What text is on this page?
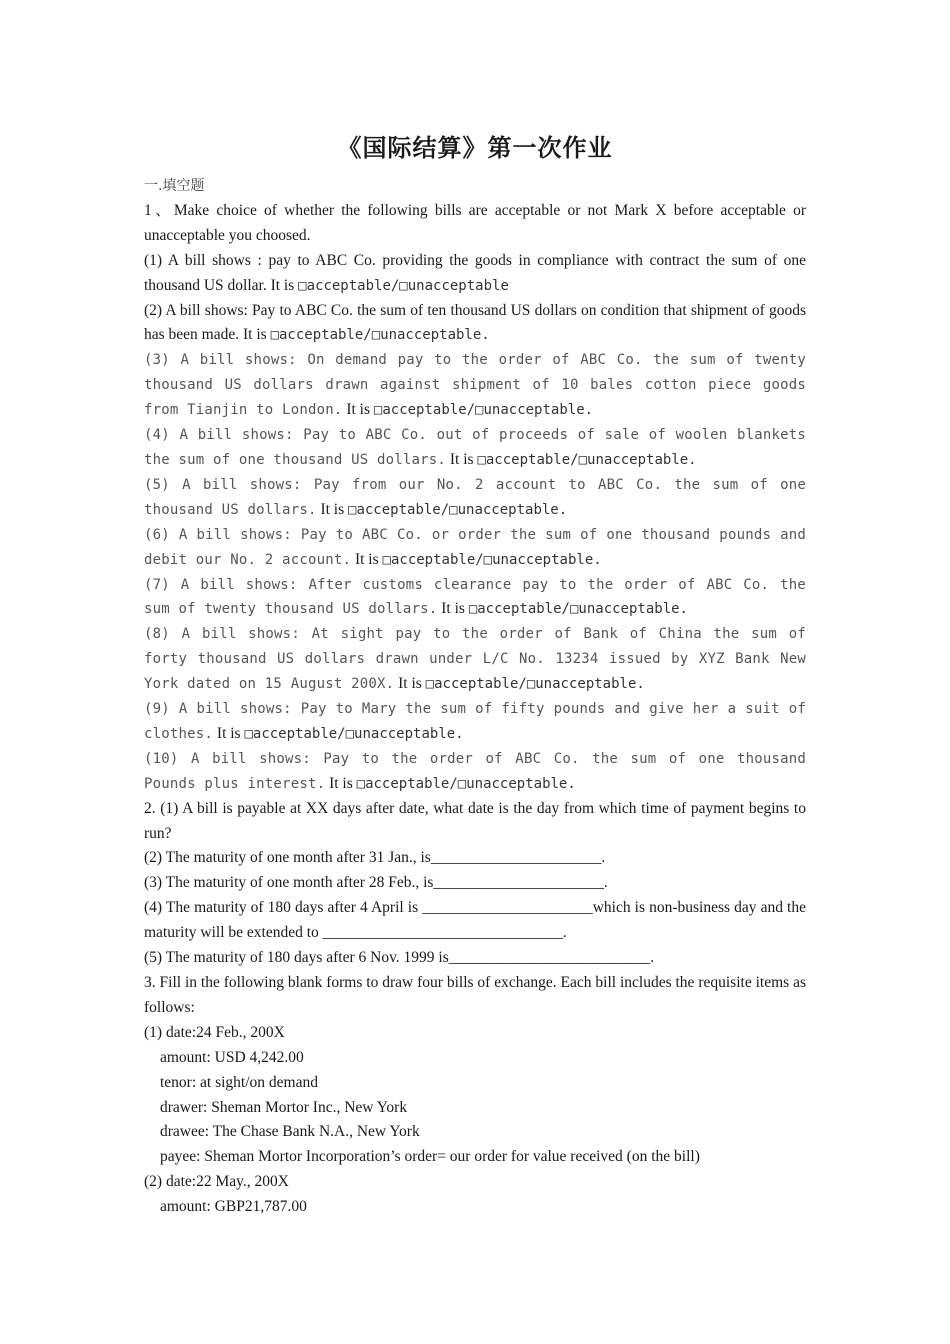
《国际结算》第一次作业
一.填空题

1、Make choice of whether the following bills are acceptable or not Mark X before acceptable or unacceptable you choosed.

(1) A bill shows : pay to ABC Co. providing the goods in compliance with contract the sum of one thousand US dollar. It is □acceptable/□unacceptable

(2) A bill shows: Pay to ABC Co. the sum of ten thousand US dollars on condition that shipment of goods has been made. It is □acceptable/□unacceptable.

(3) A bill shows: On demand pay to the order of ABC Co. the sum of twenty thousand US dollars drawn against shipment of 10 bales cotton piece goods from Tianjin to London. It is □acceptable/□unacceptable.

(4) A bill shows: Pay to ABC Co. out of proceeds of sale of woolen blankets the sum of one thousand US dollars. It is □acceptable/□unacceptable.

(5) A bill shows: Pay from our No. 2 account to ABC Co. the sum of one thousand US dollars. It is □acceptable/□unacceptable.

(6) A bill shows: Pay to ABC Co. or order the sum of one thousand pounds and debit our No. 2 account. It is □acceptable/□unacceptable.

(7) A bill shows: After customs clearance pay to the order of ABC Co. the sum of twenty thousand US dollars. It is □acceptable/□unacceptable.

(8) A bill shows: At sight pay to the order of Bank of China the sum of forty thousand US dollars drawn under L/C No. 13234 issued by XYZ Bank New York dated on 15 August 200X. It is □acceptable/□unacceptable.

(9) A bill shows: Pay to Mary the sum of fifty pounds and give her a suit of clothes. It is □acceptable/□unacceptable.

(10) A bill shows: Pay to the order of ABC Co. the sum of one thousand Pounds plus interest. It is □acceptable/□unacceptable.

2. (1) A bill is payable at XX days after date, what date is the day from which time of payment begins to run?

(2) The maturity of one month after 31 Jan., is______________________.

(3) The maturity of one month after 28 Feb., is______________________.

(4) The maturity of 180 days after 4 April is ______________________which is non-business day and the maturity will be extended to _______________________________.

(5) The maturity of 180 days after 6 Nov. 1999 is__________________________.

3. Fill in the following blank forms to draw four bills of exchange. Each bill includes the requisite items as follows:

(1) date:24 Feb., 200X

amount: USD 4,242.00

tenor: at sight/on demand

drawer: Sheman Mortor Inc., New York

drawee: The Chase Bank N.A., New York

payee: Sheman Mortor Incorporation’s order= our order for value received (on the bill)

(2) date:22 May., 200X

amount: GBP21,787.00
